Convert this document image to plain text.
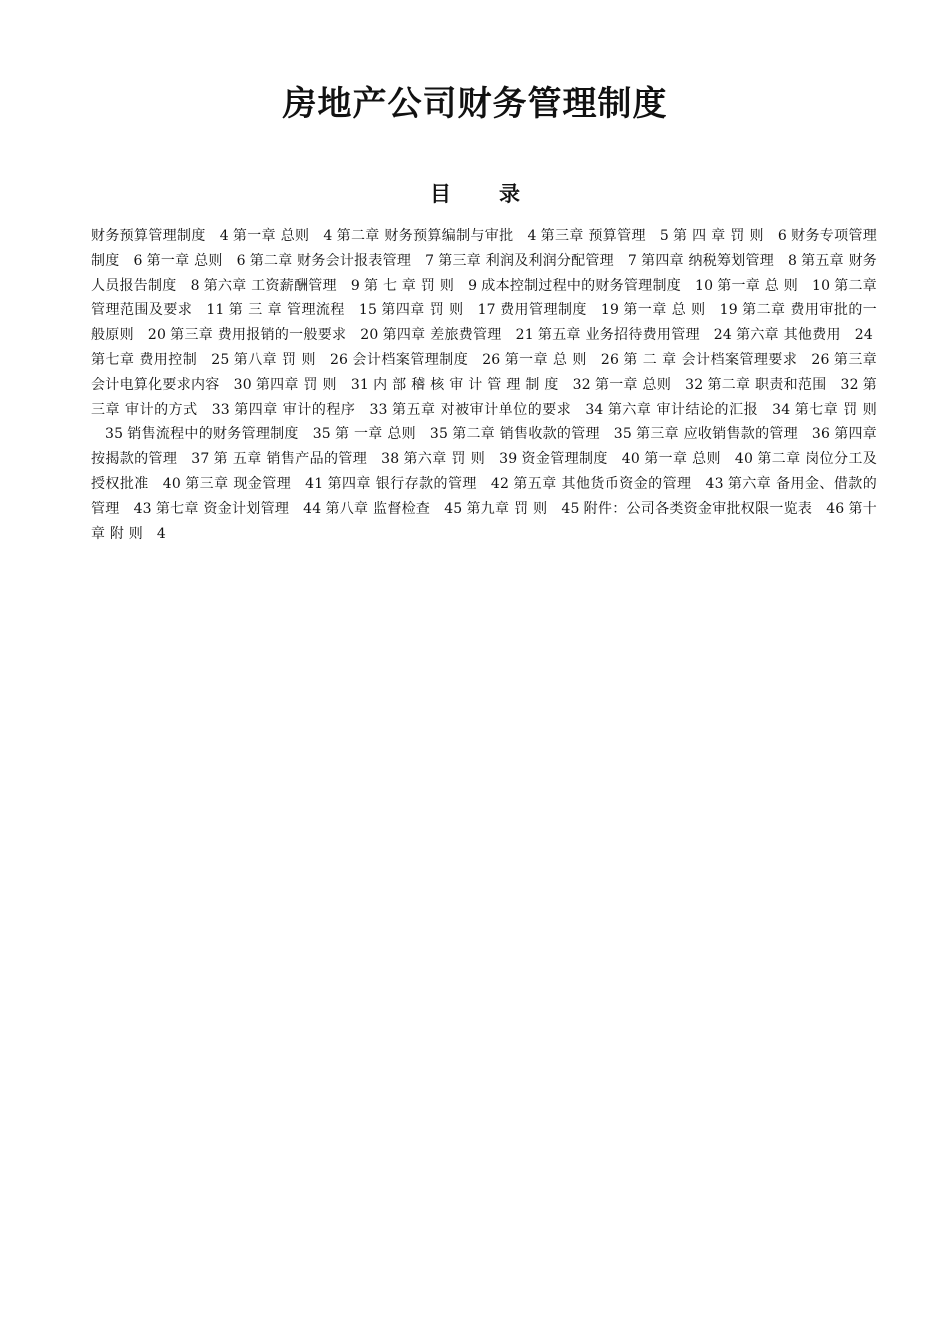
房地产公司财务管理制度
目 录
财务预算管理制度 4 第一章 总则 4 第二章 财务预算编制与审批 4 第三章 预算管理 5 第 四 章 罚 则 6 财务专项管理制度 6 第一章 总则 6 第二章 财务会计报表管理 7 第三章 利润及利润分配管理 7 第四章 纳税筹划管理 8 第五章 财务人员报告制度 8 第六章 工资薪酬管理 9 第 七 章 罚 则 9 成本控制过程中的财务管理制度 10 第一章 总 则 10 第二章 管理范围及要求 11 第 三 章 管理流程 15 第四章 罚 则 17 费用管理制度 19 第一章 总 则 19 第二章 费用审批的一般原则 20 第三章 费用报销的一般要求 20 第四章 差旅费管理 21 第五章 业务招待费用管理 24 第六章 其他费用 24第七章 费用控制 25 第八章 罚 则 26 会计档案管理制度 26 第一章 总 则 26 第 二 章 会计档案管理要求 26 第三章 会计电算化要求内容 30 第四章 罚 则 31 内 部 稽 核 审 计 管 理 制 度 32 第一章 总则 32 第二章 职责和范围 32 第三章 审计的方式 33 第四章 审计的程序 33 第五章 对被审计单位的要求 34 第六章 审计结论的汇报 34 第七章 罚 则35 销售流程中的财务管理制度 35 第 一章 总则 35 第二章 销售收款的管理 35 第三章 应收销售款的管理 36 第四章 按揭款的管理 37 第 五章 销售产品的管理 38 第六章 罚 则 39 资金管理制度 40 第一章 总则 40 第二章 岗位分工及授权批准 40 第三章 现金管理 41 第四章 银行存款的管理 42 第五章 其他货币资金的管理 43 第六章 备用金、借款的管理 43 第七章 资金计划管理 44 第八章 监督检查 45 第九章 罚 则 45 附件：公司各类资金审批权限一览表 46 第十章 附 则 4
